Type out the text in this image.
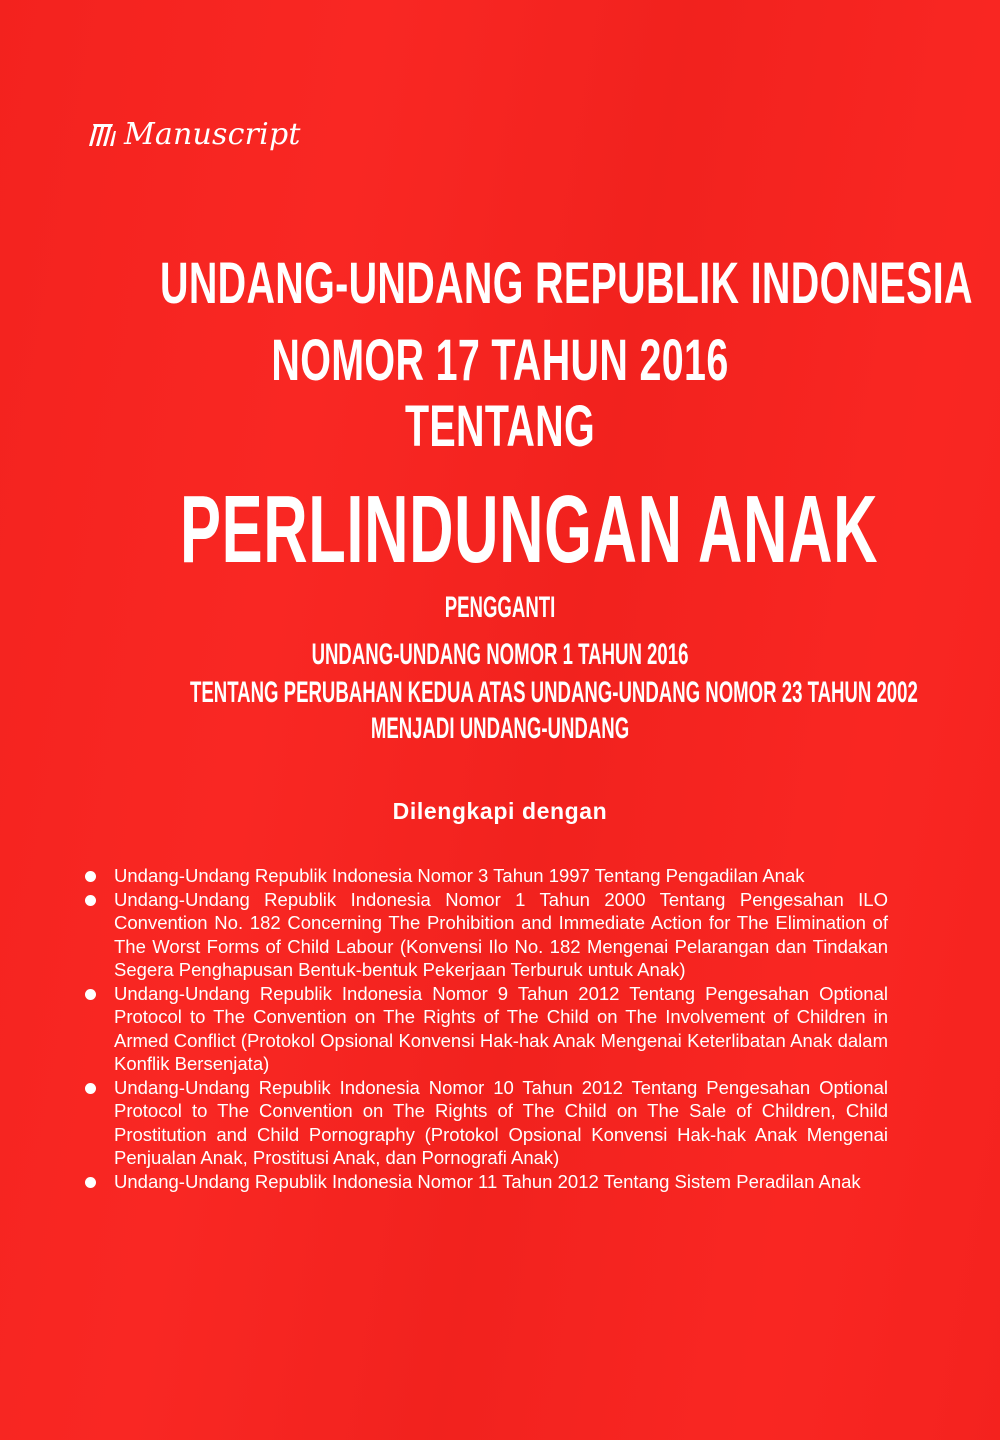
Manuscript
UNDANG-UNDANG REPUBLIK INDONESIA
NOMOR 17 TAHUN 2016
TENTANG
PERLINDUNGAN ANAK
PENGGANTI
UNDANG-UNDANG NOMOR 1 TAHUN 2016
TENTANG PERUBAHAN KEDUA ATAS UNDANG-UNDANG NOMOR 23 TAHUN 2002
MENJADI UNDANG-UNDANG
Dilengkapi dengan
Undang-Undang Republik Indonesia Nomor 3 Tahun 1997 Tentang Pengadilan Anak
Undang-Undang Republik Indonesia Nomor 1 Tahun 2000 Tentang Pengesahan ILO Convention No. 182 Concerning The Prohibition and Immediate Action for The Elimination of The Worst Forms of Child Labour (Konvensi Ilo No. 182 Mengenai Pelarangan dan Tindakan Segera Penghapusan Bentuk-bentuk Pekerjaan Terburuk untuk Anak)
Undang-Undang Republik Indonesia Nomor 9 Tahun 2012 Tentang Pengesahan Optional Protocol to The Convention on The Rights of The Child on The Involvement of Children in Armed Conflict (Protokol Opsional Konvensi Hak-hak Anak Mengenai Keterlibatan Anak dalam Konflik Bersenjata)
Undang-Undang Republik Indonesia Nomor 10 Tahun 2012 Tentang Pengesahan Optional Protocol to The Convention on The Rights of The Child on The Sale of Children, Child Prostitution and Child Pornography (Protokol Opsional Konvensi Hak-hak Anak Mengenai Penjualan Anak, Prostitusi Anak, dan Pornografi Anak)
Undang-Undang Republik Indonesia Nomor 11 Tahun 2012 Tentang Sistem Peradilan Anak
